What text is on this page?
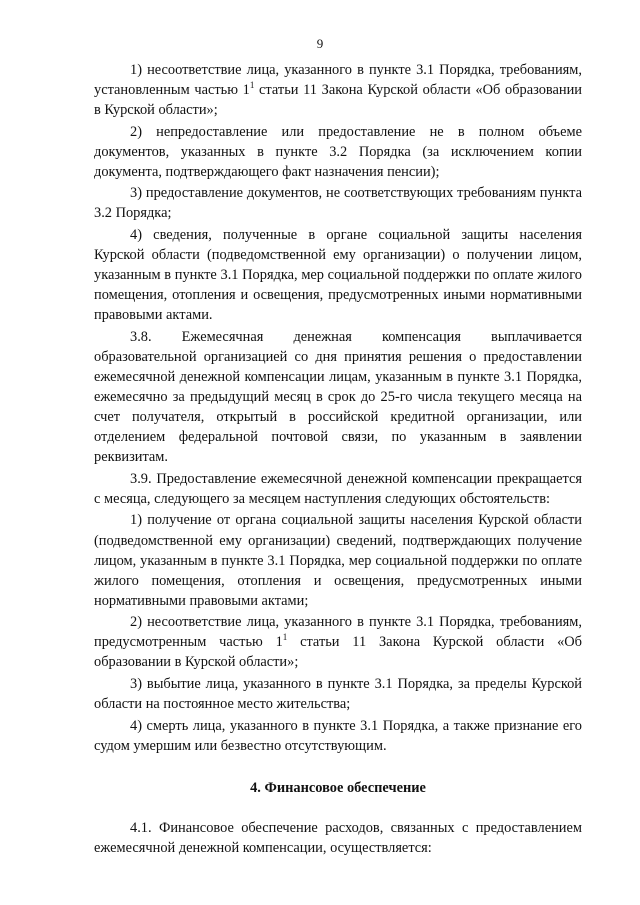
9

1) несоответствие лица, указанного в пункте 3.1 Порядка, требованиям, установленным частью $1^1$ статьи 11 Закона Курской области «Об образовании в Курской области»;

2) непредоставление или предоставление не в полном объеме документов, указанных в пункте 3.2 Порядка (за исключением копии документа, подтверждающего факт назначения пенсии);

3) предоставление документов, не соответствующих требованиям пункта 3.2 Порядка;

4) сведения, полученные в органе социальной защиты населения Курской области (подведомственной ему организации) о получении лицом, указанным в пункте 3.1 Порядка, мер социальной поддержки по оплате жилого помещения, отопления и освещения, предусмотренных иными нормативными правовыми актами.

3.8. Ежемесячная денежная компенсация выплачивается образовательной организацией со дня принятия решения о предоставлении ежемесячной денежной компенсации лицам, указанным в пункте 3.1 Порядка, ежемесячно за предыдущий месяц в срок до 25-го числа текущего месяца на счет получателя, открытый в российской кредитной организации, или отделением федеральной почтовой связи, по указанным в заявлении реквизитам.

3.9. Предоставление ежемесячной денежной компенсации прекращается с месяца, следующего за месяцем наступления следующих обстоятельств:

1) получение от органа социальной защиты населения Курской области (подведомственной ему организации) сведений, подтверждающих получение лицом, указанным в пункте 3.1 Порядка, мер социальной поддержки по оплате жилого помещения, отопления и освещения, предусмотренных иными нормативными правовыми актами;

2) несоответствие лица, указанного в пункте 3.1 Порядка, требованиям, предусмотренным частью $1^1$ статьи 11 Закона Курской области «Об образовании в Курской области»;

3) выбытие лица, указанного в пункте 3.1 Порядка, за пределы Курской области на постоянное место жительства;

4) смерть лица, указанного в пункте 3.1 Порядка, а также признание его судом умершим или безвестно отсутствующим.

4. Финансовое обеспечение

4.1. Финансовое обеспечение расходов, связанных с предоставлением ежемесячной денежной компенсации, осуществляется:
